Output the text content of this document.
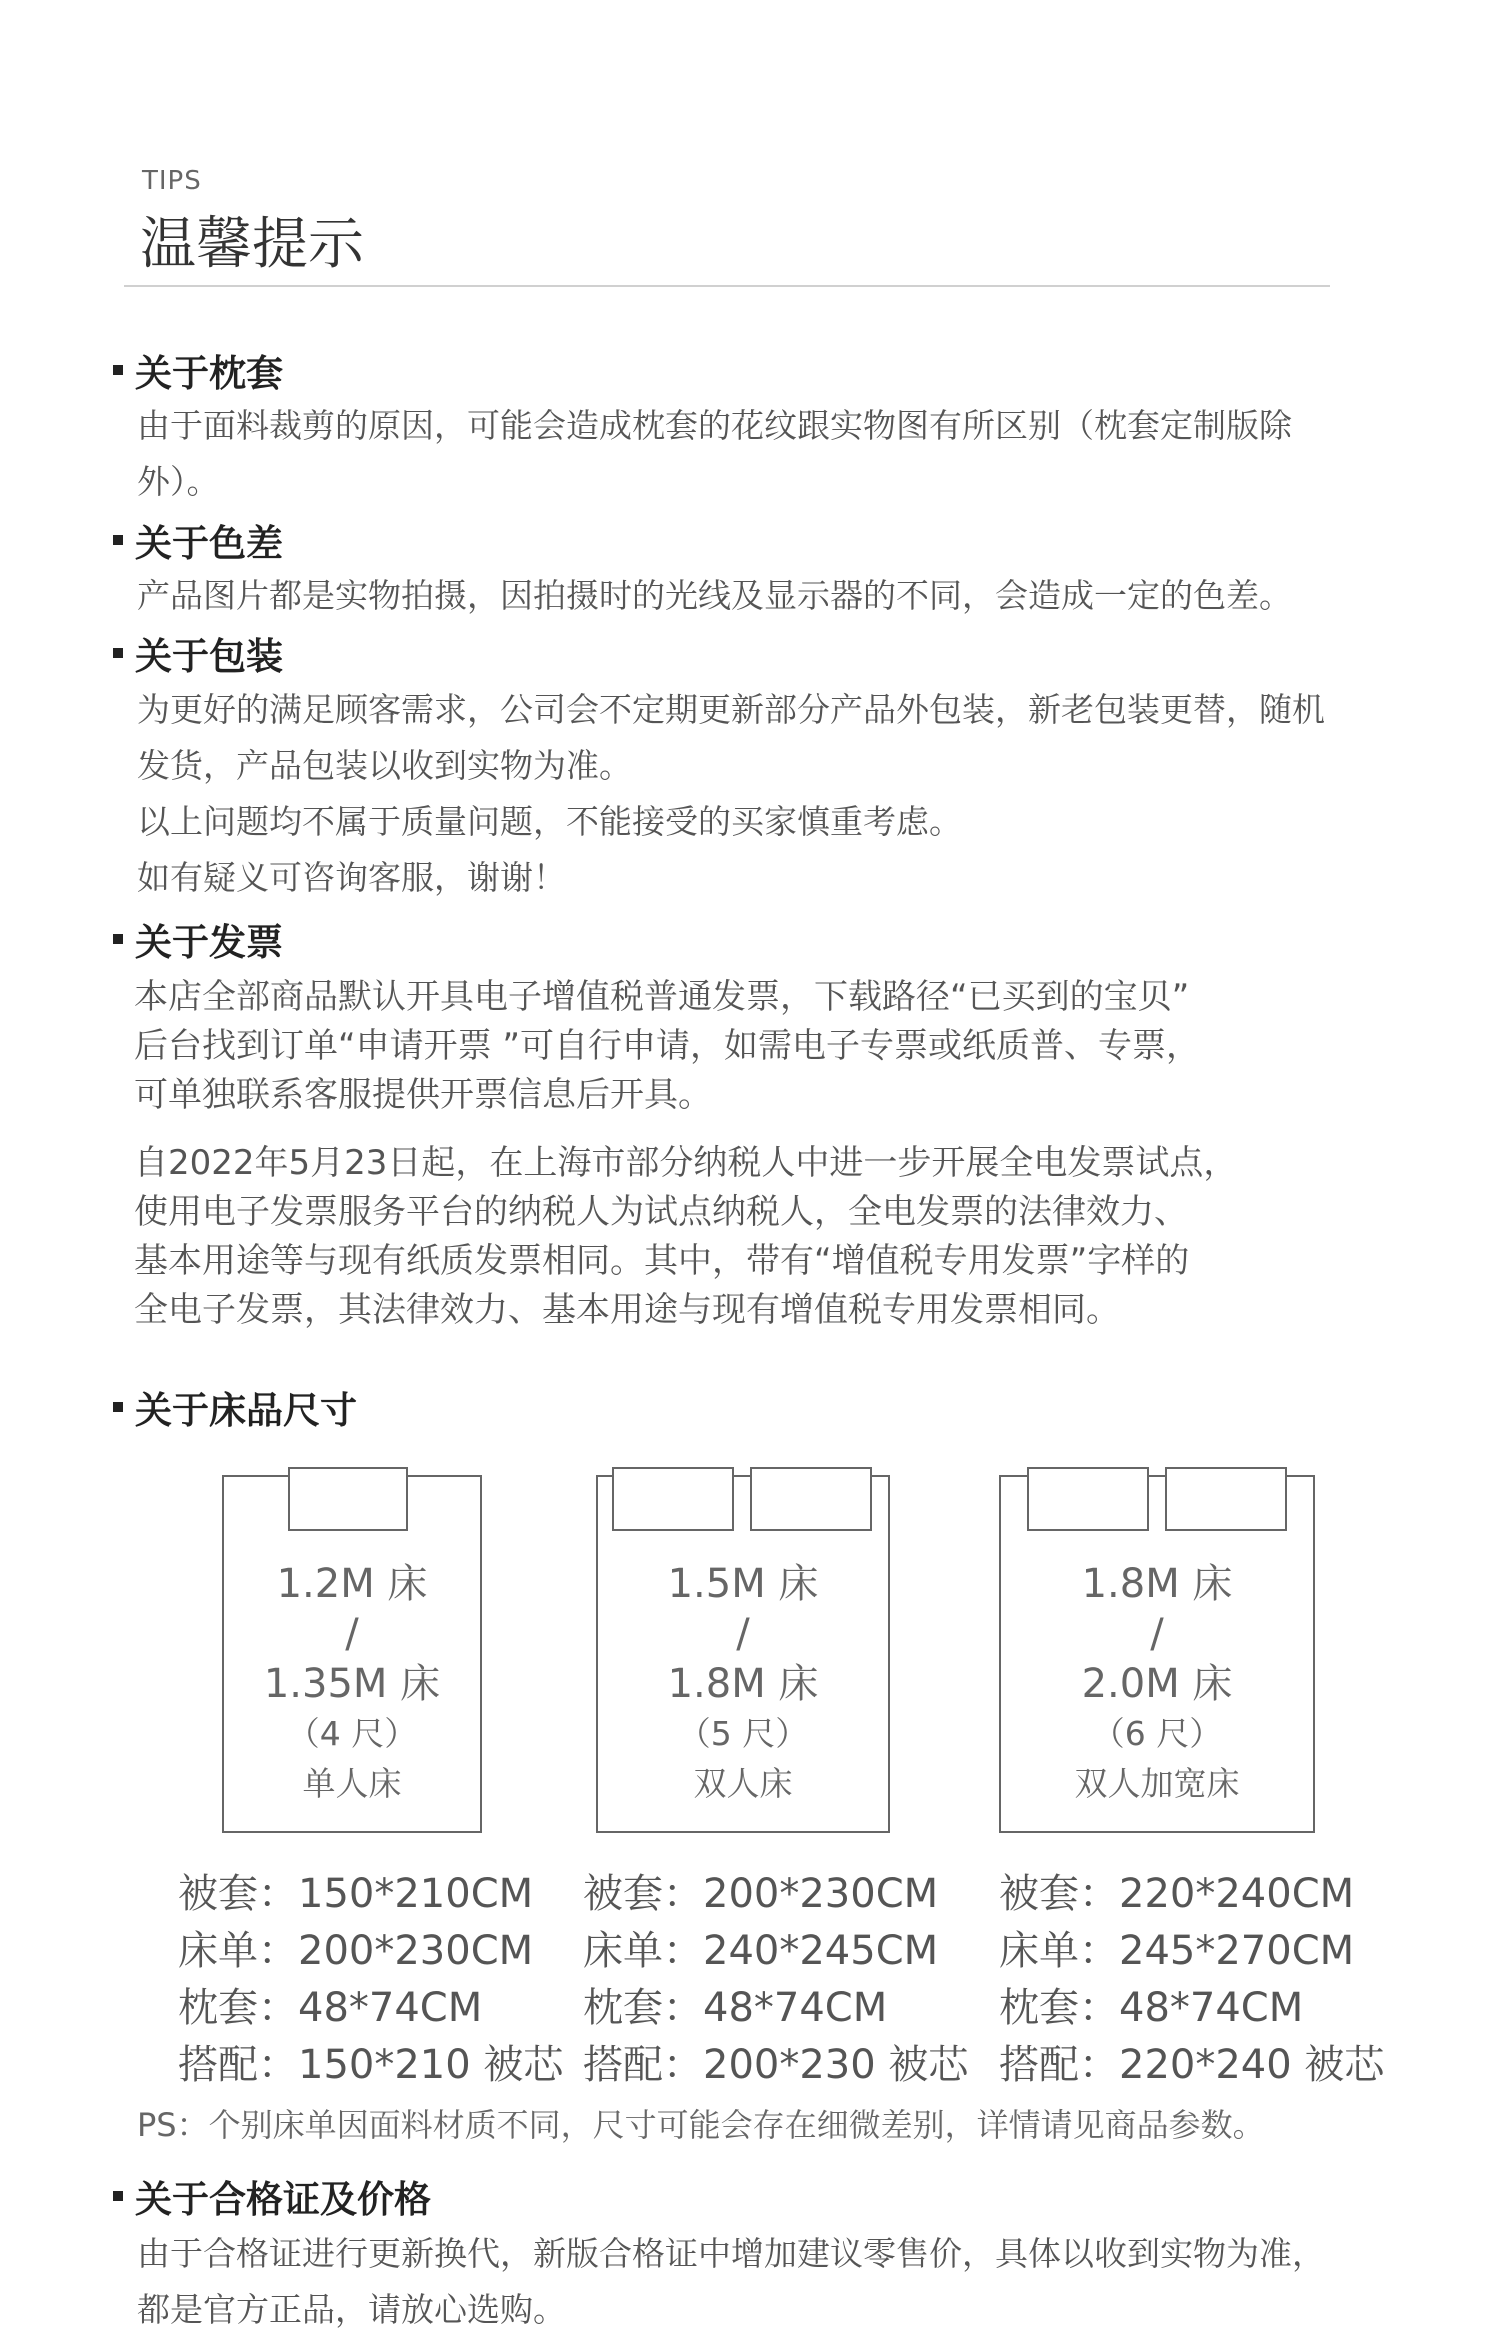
TIPS
温馨提示
关于枕套
由于面料裁剪的原因，可能会造成枕套的花纹跟实物图有所区别（枕套定制版除
外）。
关于色差
产品图片都是实物拍摄，因拍摄时的光线及显示器的不同，会造成一定的色差。
关于包装
为更好的满足顾客需求，公司会不定期更新部分产品外包装，新老包装更替，随机
发货，产品包装以收到实物为准。
以上问题均不属于质量问题，不能接受的买家慎重考虑。
如有疑义可咨询客服，谢谢！
关于发票
本店全部商品默认开具电子增值税普通发票，下载路径“已买到的宝贝”
后台找到订单“申请开票 ”可自行申请，如需电子专票或纸质普、专票，
可单独联系客服提供开票信息后开具。
自2022年5月23日起，在上海市部分纳税人中进一步开展全电发票试点，
使用电子发票服务平台的纳税人为试点纳税人，全电发票的法律效力、
基本用途等与现有纸质发票相同。其中，带有“增值税专用发票”字样的
全电子发票，其法律效力、基本用途与现有增值税专用发票相同。
关于床品尺寸
1.2M 床
/
1.35M 床
（4 尺）
单人床
1.5M 床
/
1.8M 床
（5 尺）
双人床
1.8M 床
/
2.0M 床
（6 尺）
双人加宽床
被套：150*210CM
床单：200*230CM
枕套：48*74CM
搭配：150*210 被芯
被套：200*230CM
床单：240*245CM
枕套：48*74CM
搭配：200*230 被芯
被套：220*240CM
床单：245*270CM
枕套：48*74CM
搭配：220*240 被芯
PS：个别床单因面料材质不同，尺寸可能会存在细微差别，详情请见商品参数。
关于合格证及价格
由于合格证进行更新换代，新版合格证中增加建议零售价，具体以收到实物为准，
都是官方正品，请放心选购。
